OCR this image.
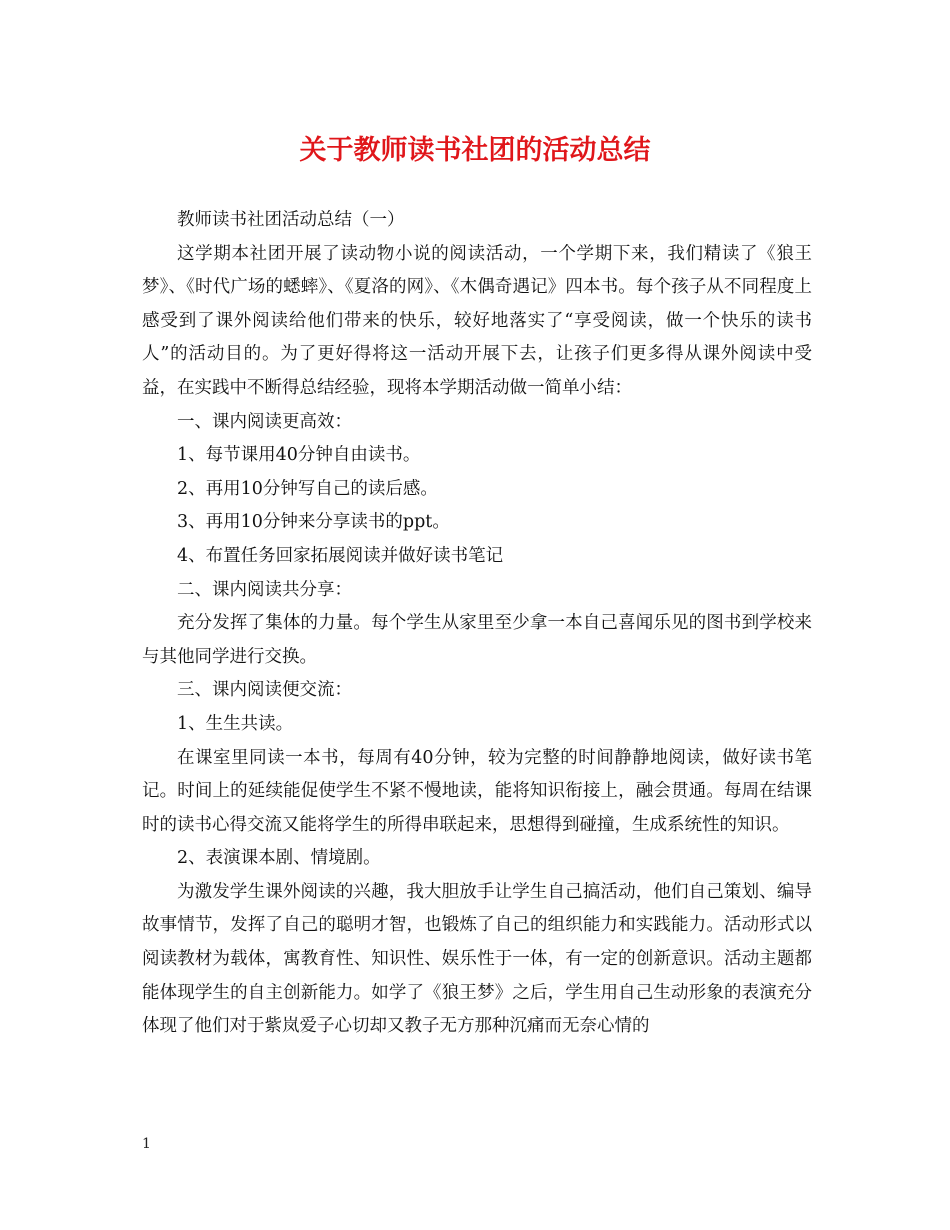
关于教师读书社团的活动总结

教师读书社团活动总结（一）

这学期本社团开展了读动物小说的阅读活动，一个学期下来，我们精读了《狼王梦》、《时代广场的蟋蟀》、《夏洛的网》、《木偶奇遇记》四本书。每个孩子从不同程度上感受到了课外阅读给他们带来的快乐，较好地落实了“享受阅读，做一个快乐的读书人”的活动目的。为了更好得将这一活动开展下去，让孩子们更多得从课外阅读中受益，在实践中不断得总结经验，现将本学期活动做一简单小结：

一、课内阅读更高效：

1、每节课用40分钟自由读书。

2、再用10分钟写自己的读后感。

3、再用10分钟来分享读书的ppt。

4、布置任务回家拓展阅读并做好读书笔记

二、课内阅读共分享：

充分发挥了集体的力量。每个学生从家里至少拿一本自己喜闻乐见的图书到学校来与其他同学进行交换。

三、课内阅读便交流：

1、生生共读。

在课室里同读一本书，每周有40分钟，较为完整的时间静静地阅读，做好读书笔记。时间上的延续能促使学生不紧不慢地读，能将知识衔接上，融会贯通。每周在结课时的读书心得交流又能将学生的所得串联起来，思想得到碰撞，生成系统性的知识。

2、表演课本剧、情境剧。

为激发学生课外阅读的兴趣，我大胆放手让学生自己搞活动，他们自己策划、编导故事情节，发挥了自己的聪明才智，也锻炼了自己的组织能力和实践能力。活动形式以阅读教材为载体，寓教育性、知识性、娱乐性于一体，有一定的创新意识。活动主题都能体现学生的自主创新能力。如学了《狼王梦》之后，学生用自己生动形象的表演充分体现了他们对于紫岚爱子心切却又教子无方那种沉痛而无奈心情的

1
